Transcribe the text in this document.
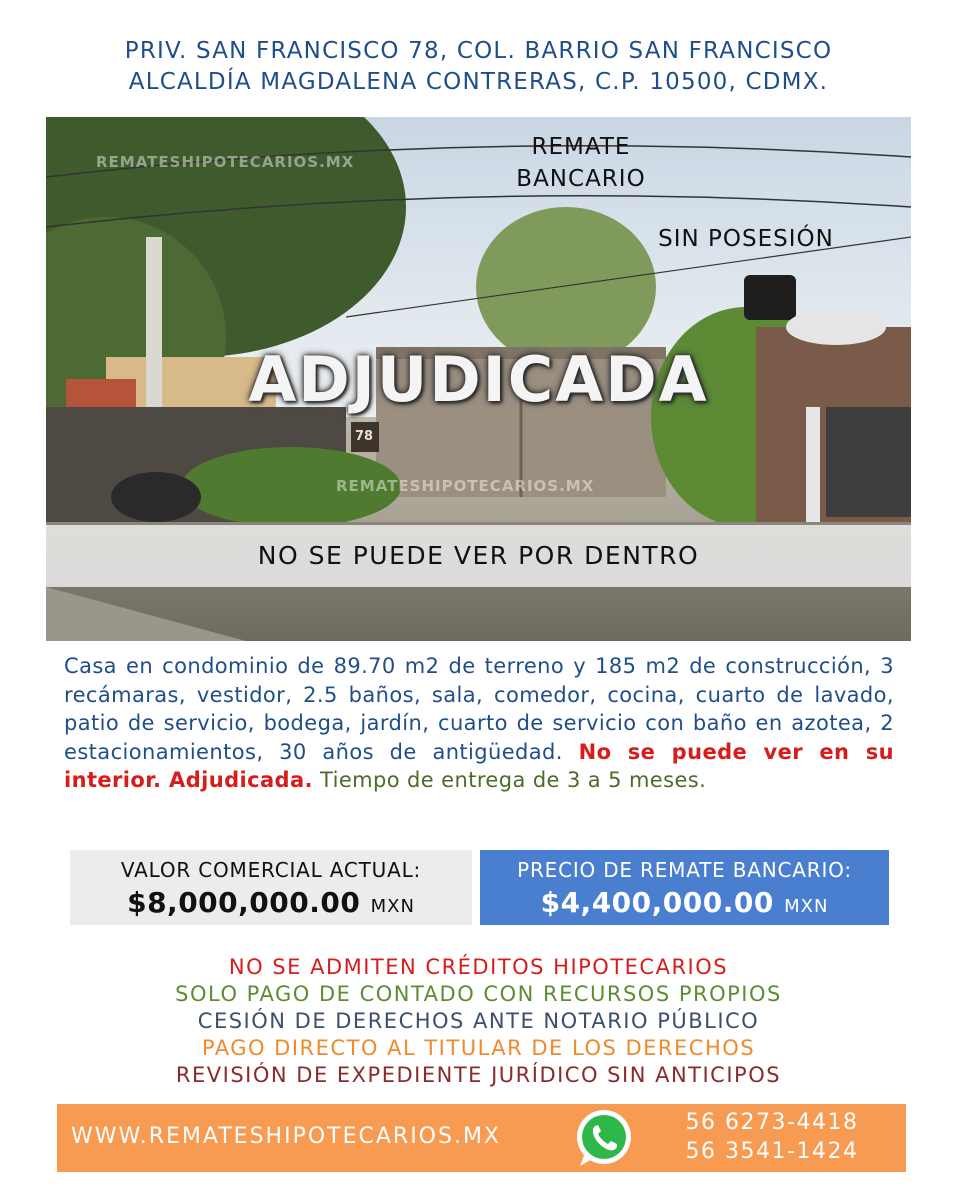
PRIV. SAN FRANCISCO 78, COL. BARRIO SAN FRANCISCO
ALCALDÍA MAGDALENA CONTRERAS, C.P. 10500, CDMX.
REMATESHIPOTECARIOS.MX
REMATESHIPOTECARIOS.MX
REMATE
BANCARIO
SIN POSESIÓN
ADJUDICADA
78
NO SE PUEDE VER POR DENTRO
Casa en condominio de 89.70 m2 de terreno y 185 m2 de construcción, 3 recámaras, vestidor, 2.5 baños, sala, comedor, cocina, cuarto de lavado, patio de servicio, bodega, jardín, cuarto de servicio con baño en azotea, 2 estacionamientos, 30 años de antigüedad. No se puede ver en su interior. Adjudicada. Tiempo de entrega de 3 a 5 meses.
VALOR COMERCIAL ACTUAL:
$8,000,000.00 MXN
PRECIO DE REMATE BANCARIO:
$4,400,000.00 MXN
NO SE ADMITEN CRÉDITOS HIPOTECARIOS
SOLO PAGO DE CONTADO CON RECURSOS PROPIOS
CESIÓN DE DERECHOS ANTE NOTARIO PÚBLICO
PAGO DIRECTO AL TITULAR DE LOS DERECHOS
REVISIÓN DE EXPEDIENTE JURÍDICO SIN ANTICIPOS
WWW.REMATESHIPOTECARIOS.MX
56 6273-4418
56 3541-1424
